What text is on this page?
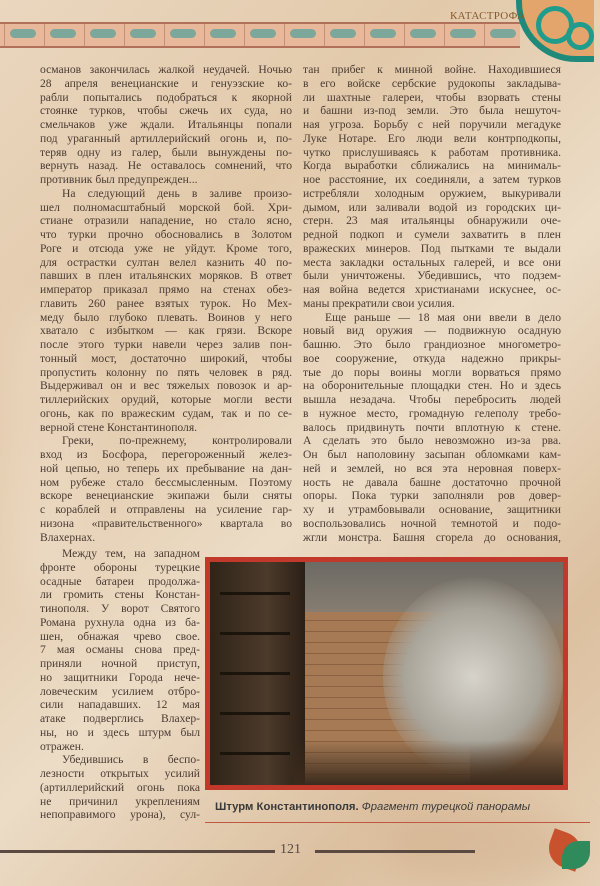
КАТАСТРОФА
османов закончилась жалкой неудачей. Ночью
28 апреля венецианские и генуэзские ко-
рабли попытались подобраться к якорной
стоянке турков, чтобы сжечь их суда, но
смельчаков уже ждали. Итальянцы попали
под ураганный артиллерийский огонь и, по-
теряв одну из галер, были вынуждены по-
вернуть назад. Не оставалось сомнений, что
противник был предупрежден...
На следующий день в заливе произо-
шел полномасштабный морской бой. Хри-
стиане отразили нападение, но стало ясно,
что турки прочно обосновались в Золотом
Роге и отсюда уже не уйдут. Кроме того,
для острастки султан велел казнить 40 по-
павших в плен итальянских моряков. В ответ
император приказал прямо на стенах обез-
главить 260 ранее взятых турок. Но Мех-
меду было глубоко плевать. Воинов у него
хватало с избытком — как грязи. Вскоре
после этого турки навели через залив пон-
тонный мост, достаточно широкий, чтобы
пропустить колонну по пять человек в ряд.
Выдерживал он и вес тяжелых повозок и ар-
тиллерийских орудий, которые могли вести
огонь, как по вражеским судам, так и по се-
верной стене Константинополя.
Греки, по-прежнему, контролировали
вход из Босфора, перегороженный желез-
ной цепью, но теперь их пребывание на дан-
ном рубеже стало бессмысленным. Поэтому
вскоре венецианские экипажи были сняты
с кораблей и отправлены на усиление гар-
низона «правительственного» квартала во
Влахернах.
Между тем, на западном
фронте обороны турецкие
осадные батареи продолжа-
ли громить стены Констан-
тинополя. У ворот Святого
Романа рухнула одна из ба-
шен, обнажая чрево свое.
7 мая османы снова пред-
приняли ночной приступ,
но защитники Города нече-
ловеческим усилием отбро-
сили нападавших. 12 мая
атаке подверглись Влахер-
ны, но и здесь штурм был
отражен.
Убедившись в беспо-
лезности открытых усилий
(артиллерийский огонь пока
не причинил укреплениям
непоправимого урона), сул-
тан прибег к минной войне. Находившиеся
в его войске сербские рудокопы закладыва-
ли шахтные галереи, чтобы взорвать стены
и башни из-под земли. Это была нешуточ-
ная угроза. Борьбу с ней поручили мегадуке
Луке Нотаре. Его люди вели контрподкопы,
чутко прислушиваясь к работам противника.
Когда выработки сближались на минималь-
ное расстояние, их соединяли, а затем турков
истребляли холодным оружием, выкуривали
дымом, или заливали водой из городских ци-
стерн. 23 мая итальянцы обнаружили оче-
редной подкоп и сумели захватить в плен
вражеских минеров. Под пытками те выдали
места закладки остальных галерей, и все они
были уничтожены. Убедившись, что подзем-
ная война ведется христианами искуснее, ос-
маны прекратили свои усилия.
Еще раньше — 18 мая они ввели в дело
новый вид оружия — подвижную осадную
башню. Это было грандиозное многометро-
вое сооружение, откуда надежно прикры-
тые до поры воины могли ворваться прямо
на оборонительные площадки стен. Но и здесь
вышла незадача. Чтобы перебросить людей
в нужное место, громадную гелеполу требо-
валось придвинуть почти вплотную к стене.
А сделать это было невозможно из-за рва.
Он был наполовину засыпан обломками кам-
ней и землей, но вся эта неровная поверх-
ность не давала башне достаточно прочной
опоры. Пока турки заполняли ров довер-
ху и утрамбовывали основание, защитники
воспользовались ночной темнотой и подо-
жгли монстра. Башня сгорела до основания,
Штурм Константинополя. Фрагмент турецкой панорамы
121
